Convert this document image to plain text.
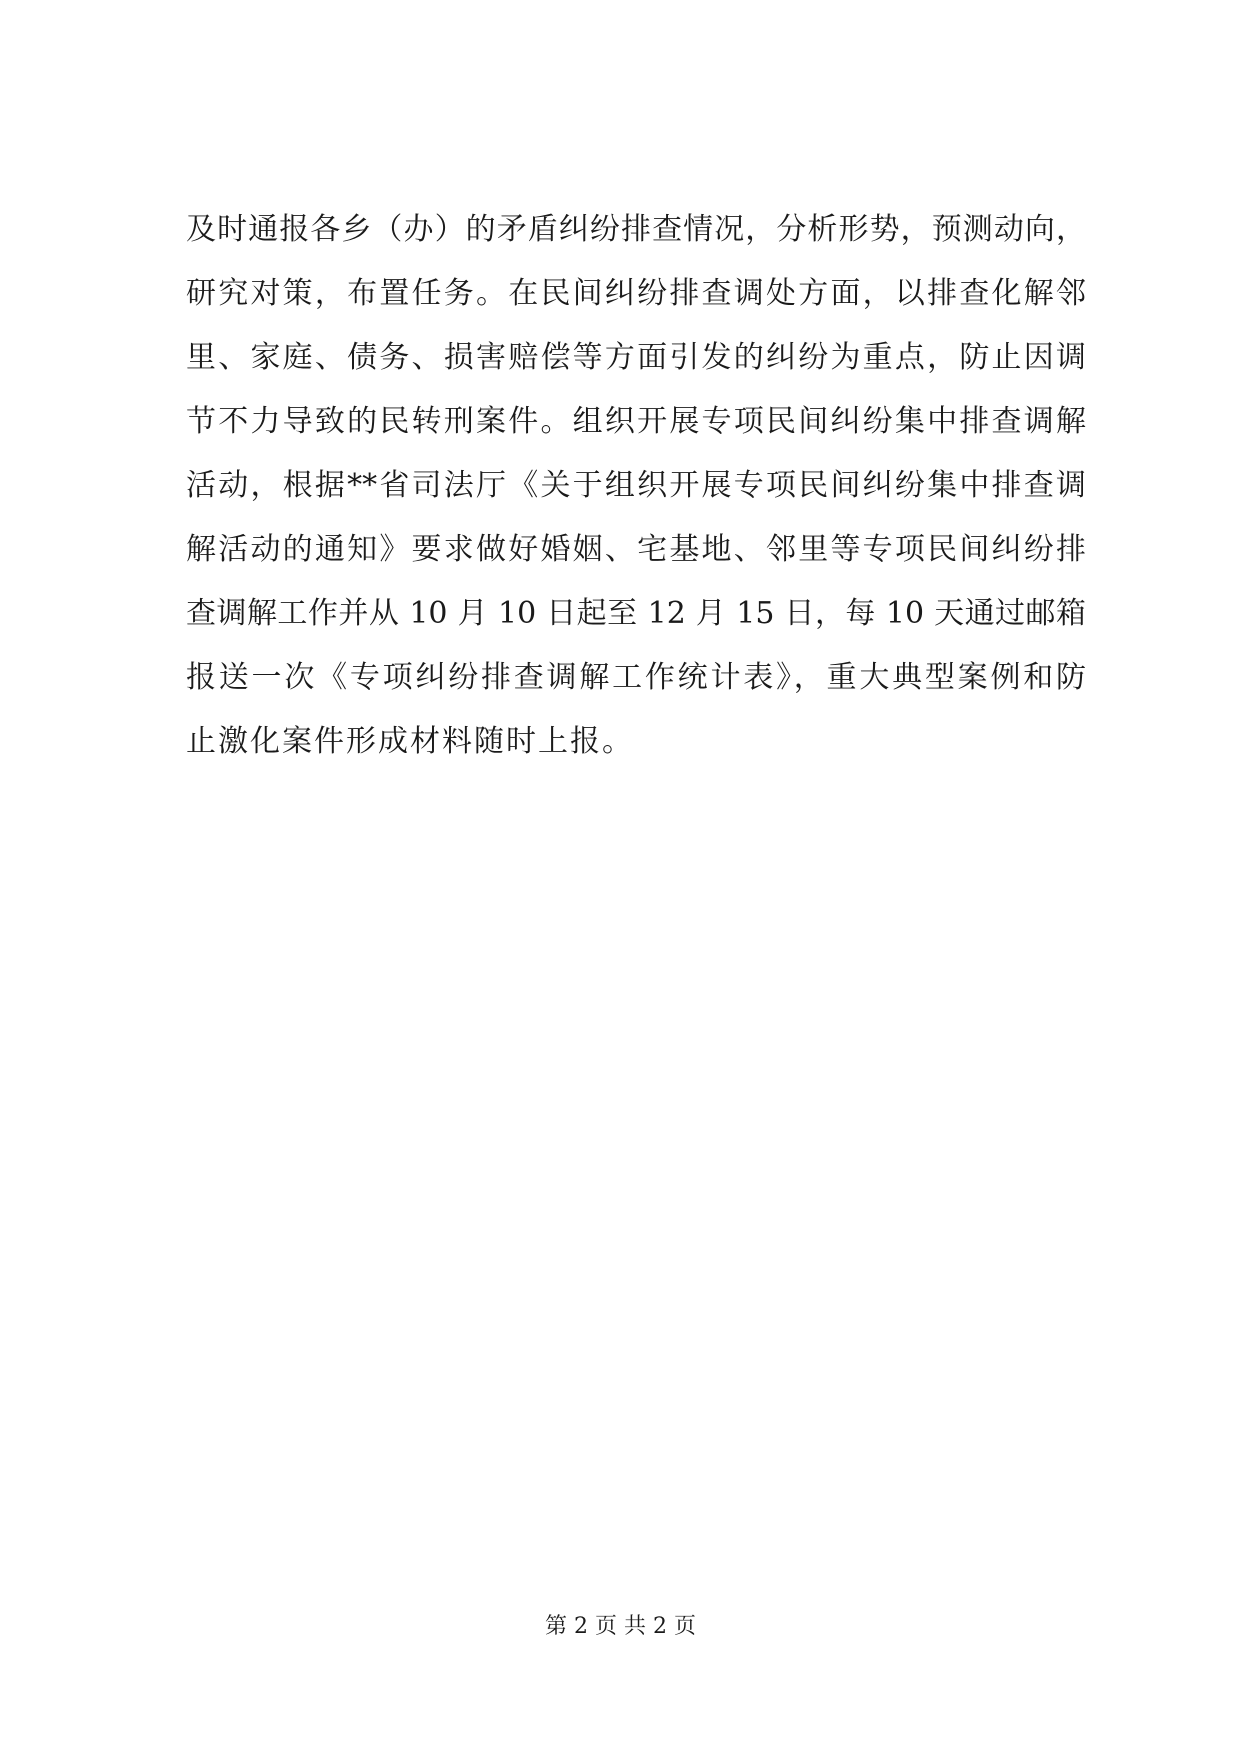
及时通报各乡（办）的矛盾纠纷排查情况，分析形势，预测动向，
研究对策，布置任务。在民间纠纷排查调处方面，以排查化解邻
里、家庭、债务、损害赔偿等方面引发的纠纷为重点，防止因调
节不力导致的民转刑案件。组织开展专项民间纠纷集中排查调解
活动，根据**省司法厅《关于组织开展专项民间纠纷集中排查调
解活动的通知》要求做好婚姻、宅基地、邻里等专项民间纠纷排
查调解工作并从 10 月 10 日起至 12 月 15 日，每 10 天通过邮箱
报送一次《专项纠纷排查调解工作统计表》，重大典型案例和防
止激化案件形成材料随时上报。
第 2 页 共 2 页
